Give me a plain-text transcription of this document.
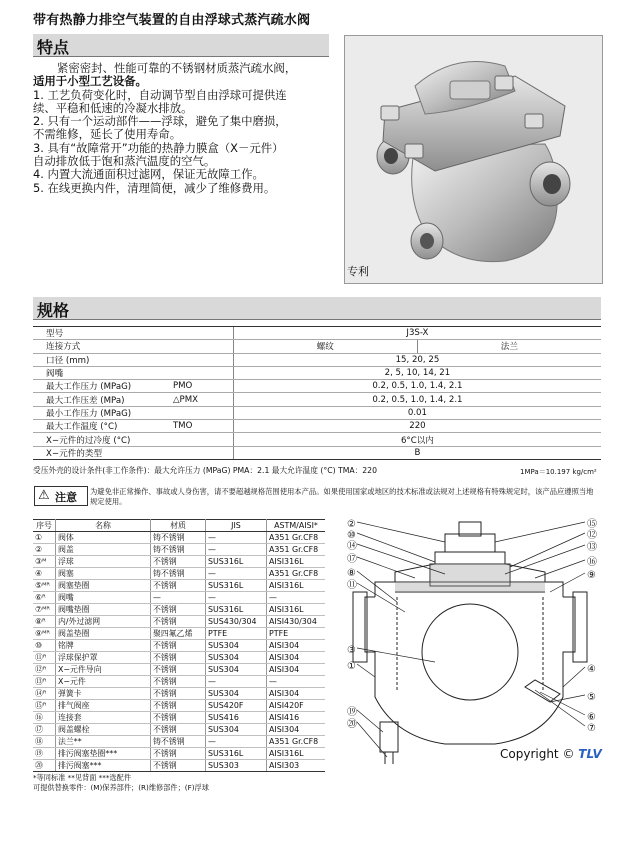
带有热静力排空气装置的自由浮球式蒸汽疏水阀
特点
紧密密封、性能可靠的不锈钢材质蒸汽疏水阀，
适用于小型工艺设备。
1. 工艺负荷变化时，自动调节型自由浮球可提供连
续、平稳和低速的冷凝水排放。
2. 只有一个运动部件——浮球，避免了集中磨损，
不需维修，延长了使用寿命。
3. 具有“故障常开”功能的热静力膜盒（X－元件）
自动排放低于饱和蒸汽温度的空气。
4. 内置大流通面积过滤网，保证无故障工作。
5. 在线更换内件，清理简便，减少了维修费用。
专利
规格
型号		J3S-X	
连接方式		螺纹	法兰
口径 (mm)		15, 20, 25	
阀嘴		2, 5, 10, 14, 21	
最大工作压力 (MPaG)	PMO	0.2, 0.5, 1.0, 1.4, 2.1	
最大工作压差 (MPa)	△PMX	0.2, 0.5, 1.0, 1.4, 2.1	
最小工作压力 (MPaG)		0.01	
最大工作温度 (°C)	TMO	220	
X−元件的过冷度 (°C)		6°C以内	
X−元件的类型		B	
受压外壳的设计条件(非工作条件)：最大允许压力 (MPaG) PMA：2.1 最大允许温度 (°C) TMA：220	1MPa＝10.197 kg/cm²
⚠ 注意 为避免非正常操作、事故或人身伤害，请不要超越规格范围使用本产品。如果使用国家或地区的技术标准或法规对上述规格有特殊规定时，该产品应遵照当地规定使用。
序号	名称	材质	JIS	ASTM/AISI*
①	阀体	铸不锈钢	—	A351 Gr.CF8
②	阀盖	铸不锈钢	—	A351 Gr.CF8
③ᴹ	浮球	不锈钢	SUS316L	AISI316L
④	阀塞	铸不锈钢	—	A351 Gr.CF8
⑤ᴹᴿ	阀塞垫圈	不锈钢	SUS316L	AISI316L
⑥ᴿ	阀嘴	—	—	—
⑦ᴹᴿ	阀嘴垫圈	不锈钢	SUS316L	AISI316L
⑧ᴿ	内/外过滤网	不锈钢	SUS430/304	AISI430/304
⑨ᴹᴿ	阀盖垫圈	聚四氟乙烯	PTFE	PTFE
⑩	铭牌	不锈钢	SUS304	AISI304
⑪ᴿ	浮球保护罩	不锈钢	SUS304	AISI304
⑫ᴿ	X−元件导向	不锈钢	SUS304	AISI304
⑬ᴿ	X−元件	不锈钢	—	—
⑭ᴿ	弹簧卡	不锈钢	SUS304	AISI304
⑮ᴿ	排气阀座	不锈钢	SUS420F	AISI420F
⑯	连接套	不锈钢	SUS416	AISI416
⑰	阀盖螺栓	不锈钢	SUS304	AISI304
⑱	法兰**	铸不锈钢	—	A351 Gr.CF8
⑲	排污阀塞垫圈***	不锈钢	SUS316L	AISI316L
⑳	排污阀塞***	不锈钢	SUS303	AISI303
*等同标准 **见背面 ***选配件
可提供替换零件：(M)保养部件；(R)维修部件；(F)浮球
②
⑩
⑭
⑰
⑧
⑪
③
①
⑲
⑳
⑮
⑫
⑬
⑯
⑨
④
⑤
⑥
⑦
Copyright © TLV
